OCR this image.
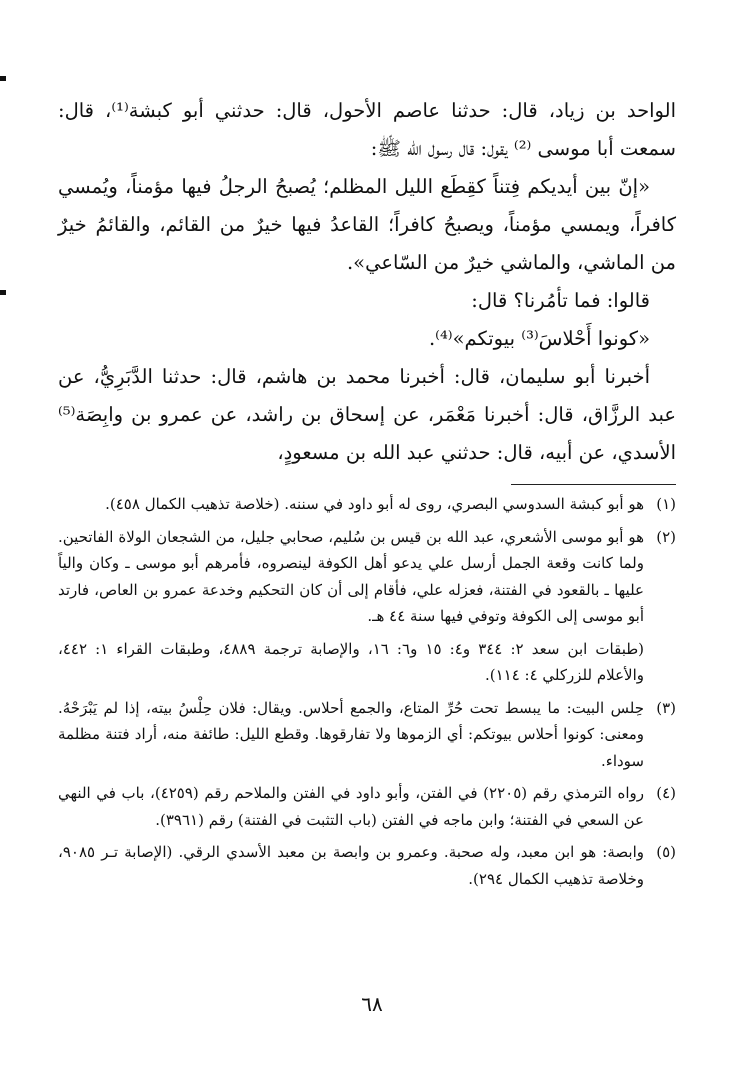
الواحد بن زياد، قال: حدثنا عاصم الأحول، قال: حدثني أبو كبشة⁽¹⁾، قال: سمعت أبا موسى ⁽²⁾ يقول: قال رسول الله ﷺ:

«إنّ بين أيديكم فِتناً كقِطَع الليل المظلم؛ يُصبحُ الرجلُ فيها مؤمناً، ويُمسي كافراً، ويمسي مؤمناً، ويصبحُ كافراً؛ القاعدُ فيها خيرٌ من القائم، والقائمُ خيرٌ من الماشي، والماشي خيرٌ من السّاعي».

قالوا: فما تأمُرنا؟ قال:

«كونوا أَحْلاسَ⁽³⁾ بيوتكم»⁽⁴⁾.

أخبرنا أبو سليمان، قال: أخبرنا محمد بن هاشم، قال: حدثنا الدَّبَرِيُّ، عن عبد الرزَّاق، قال: أخبرنا مَعْمَر، عن إسحاق بن راشد، عن عمرو بن وابِصَة⁽⁵⁾ الأسدي، عن أبيه، قال: حدثني عبد الله بن مسعودٍ،

(١)
هو أبو كبشة السدوسي البصري، روى له أبو داود في سننه. (خلاصة تذهيب الكمال ٤٥٨).
(٢)
هو أبو موسى الأشعري، عبد الله بن قيس بن سُليم، صحابي جليل، من الشجعان الولاة الفاتحين. ولما كانت وقعة الجمل أرسل علي يدعو أهل الكوفة لينصروه، فأمرهم أبو موسى ـ وكان والياً عليها ـ بالقعود في الفتنة، فعزله علي، فأقام إلى أن كان التحكيم وخدعة عمرو بن العاص، فارتد أبو موسى إلى الكوفة وتوفي فيها سنة ٤٤ هـ.
(طبقات ابن سعد ٢: ٣٤٤ و٤: ١٥ و٦: ١٦، والإصابة ترجمة ٤٨٨٩، وطبقات القراء ١: ٤٤٢، والأعلام للزركلي ٤: ١١٤).
(٣)
حِلس البيت: ما يبسط تحت حُرِّ المتاع، والجمع أحلاس. ويقال: فلان حِلْسُ بيته، إذا لم يَبْرَحْهُ. ومعنى: كونوا أحلاس بيوتكم: أي الزموها ولا تفارقوها. وقطع الليل: طائفة منه، أراد فتنة مظلمة سوداء.
(٤)
رواه الترمذي رقم (٢٢٠٥) في الفتن، وأبو داود في الفتن والملاحم رقم (٤٢٥٩)، باب في النهي عن السعي في الفتنة؛ وابن ماجه في الفتن (باب التثبت في الفتنة) رقم (٣٩٦١).
(٥)
وابصة: هو ابن معبد، وله صحبة. وعمرو بن وابصة بن معبد الأسدي الرقي. (الإصابة تـر ٩٠٨٥، وخلاصة تذهيب الكمال ٢٩٤).
٦٨
